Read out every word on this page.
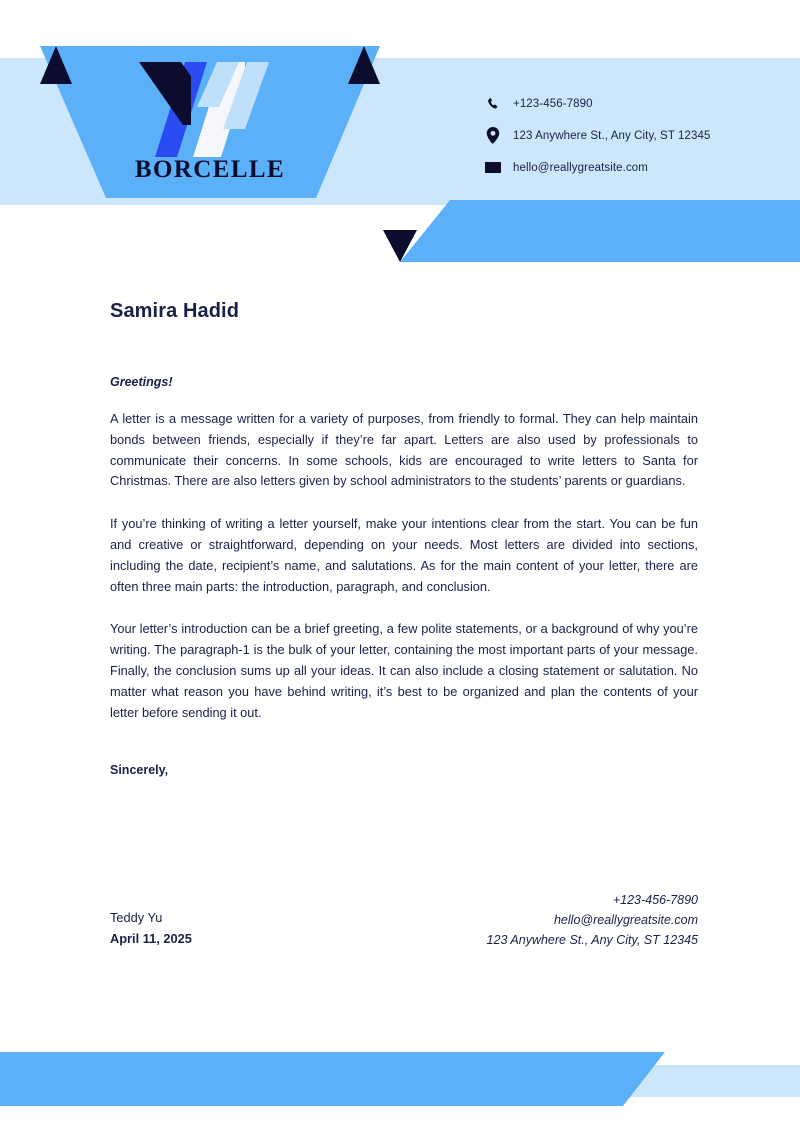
BORCELLE
+123-456-7890
123 Anywhere St., Any City, ST 12345
hello@reallygreatsite.com
Samira Hadid
Greetings!

A letter is a message written for a variety of purposes, from friendly to formal. They can help maintain bonds between friends, especially if they’re far apart. Letters are also used by professionals to communicate their concerns. In some schools, kids are encouraged to write letters to Santa for Christmas. There are also letters given by school administrators to the students’ parents or guardians.

If you’re thinking of writing a letter yourself, make your intentions clear from the start. You can be fun and creative or straightforward, depending on your needs. Most letters are divided into sections, including the date, recipient’s name, and salutations. As for the main content of your letter, there are often three main parts: the introduction, paragraph, and conclusion.

Your letter’s introduction can be a brief greeting, a few polite statements, or a background of why you’re writing. The paragraph-1 is the bulk of your letter, containing the most important parts of your message. Finally, the conclusion sums up all your ideas. It can also include a closing statement or salutation. No matter what reason you have behind writing, it’s best to be organized and plan the contents of your letter before sending it out.

Sincerely,
Teddy Yu
April 11, 2025
+123-456-7890
hello@reallygreatsite.com
123 Anywhere St., Any City, ST 12345
